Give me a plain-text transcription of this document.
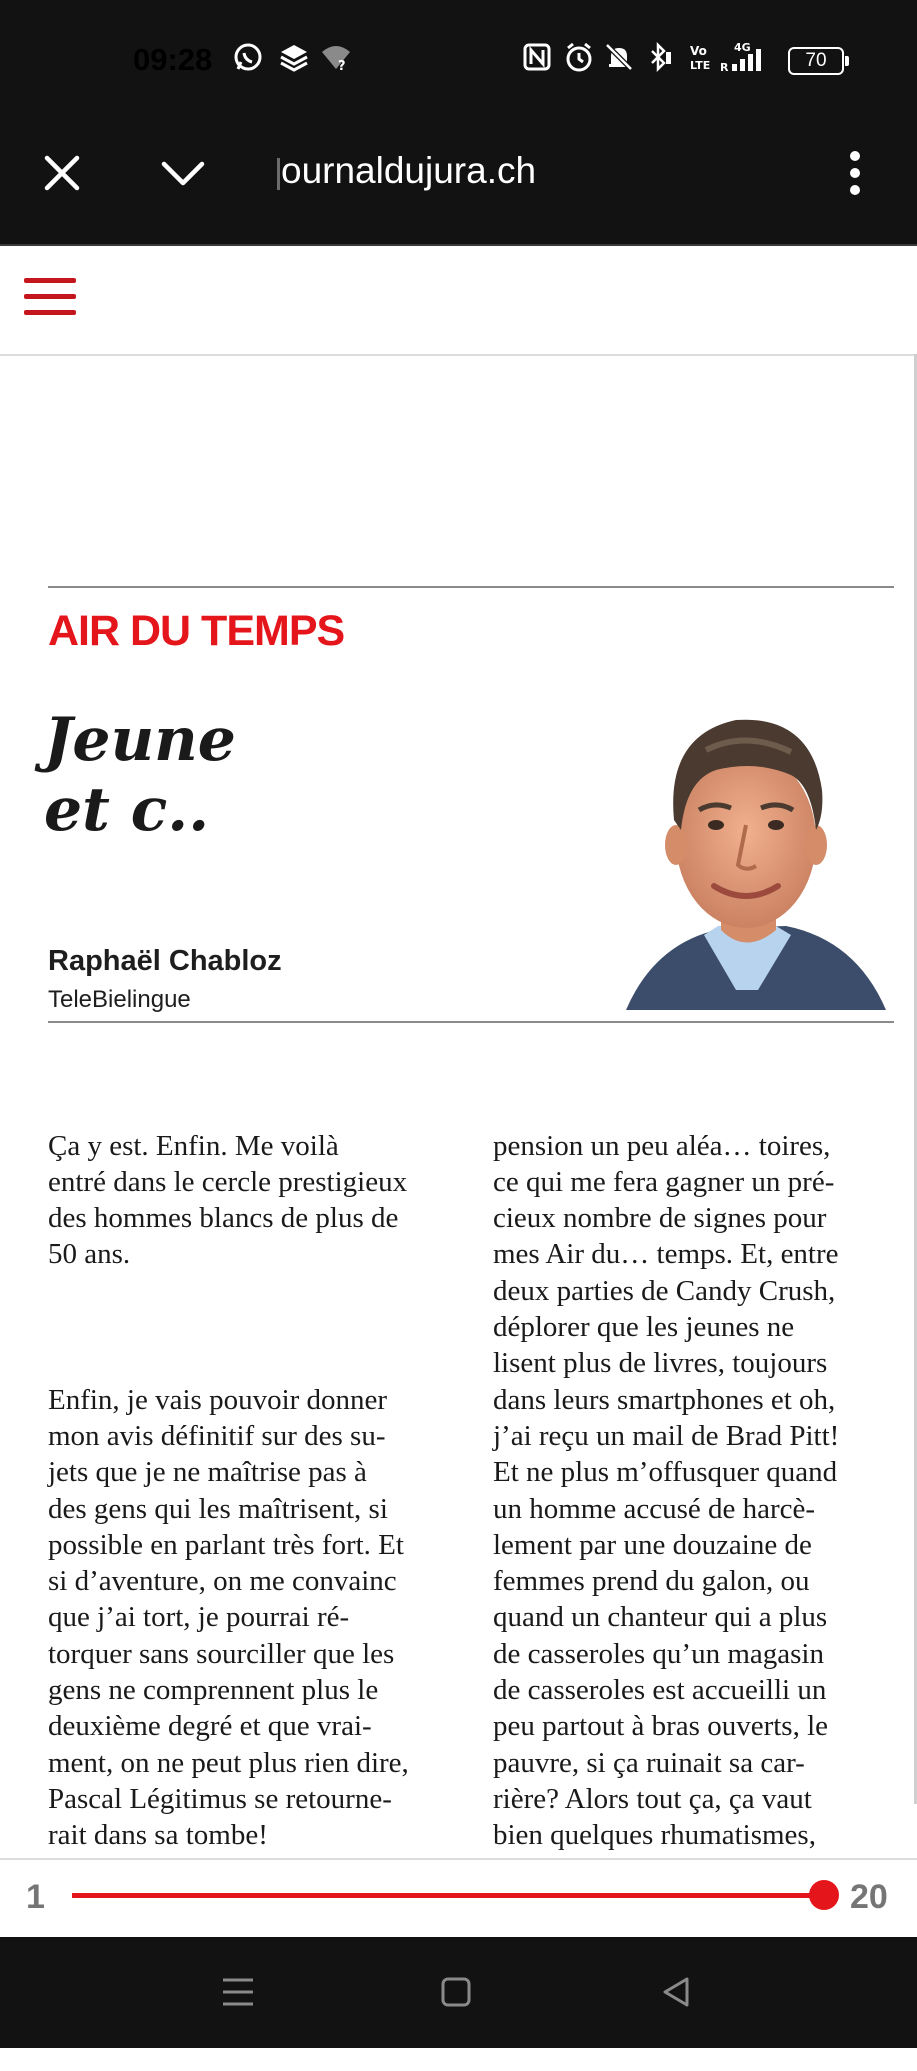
09:28	?
Vo
LTE
4G
R	70
ournaldujura.ch
AIR DU TEMPS
Jeune
et c..
Raphaël Chabloz
TeleBielingue

Ça y est. Enfin. Me voilà
entré dans le cercle prestigieux
des hommes blancs de plus de
50 ans.

Enfin, je vais pouvoir donner
mon avis définitif sur des su-
jets que je ne maîtrise pas à
des gens qui les maîtrisent, si
possible en parlant très fort. Et
si d’aventure, on me convainc
que j’ai tort, je pourrai ré-
torquer sans sourciller que les
gens ne comprennent plus le
deuxième degré et que vrai-
ment, on ne peut plus rien dire,
Pascal Légitimus se retourne-
rait dans sa tombe!

pension un peu aléa… toires,
ce qui me fera gagner un pré-
cieux nombre de signes pour
mes Air du… temps. Et, entre
deux parties de Candy Crush,
déplorer que les jeunes ne
lisent plus de livres, toujours
dans leurs smartphones et oh,
j’ai reçu un mail de Brad Pitt!
Et ne plus m’offusquer quand
un homme accusé de harcè-
lement par une douzaine de
femmes prend du galon, ou
quand un chanteur qui a plus
de casseroles qu’un magasin
de casseroles est accueilli un
peu partout à bras ouverts, le
pauvre, si ça ruinait sa car-
rière? Alors tout ça, ça vaut
bien quelques rhumatismes,

1	20
